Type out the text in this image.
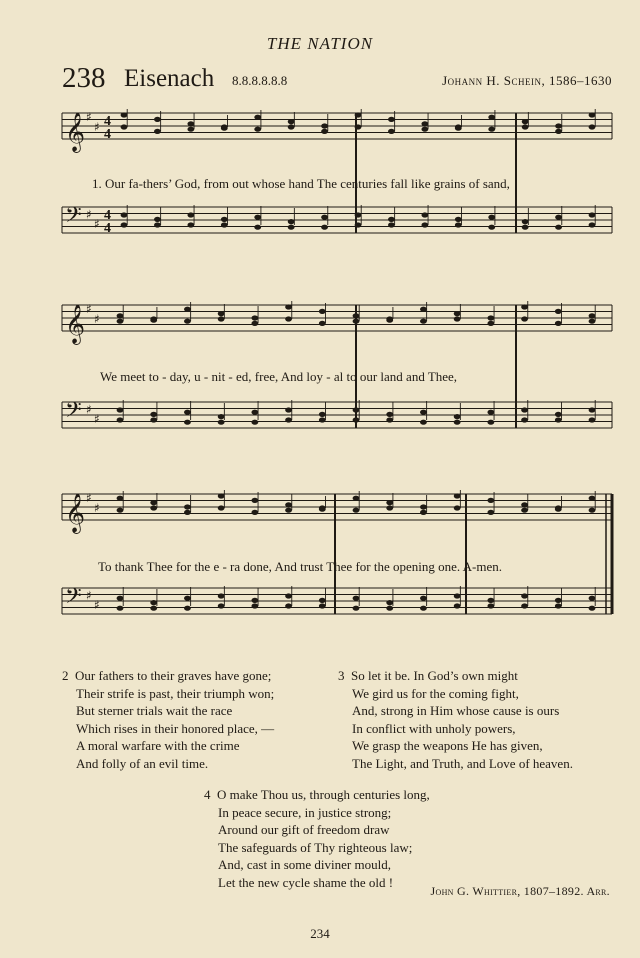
THE NATION
238 Eisenach 8.8.8.8.8.8	Johann H. Schein, 1586–1630
𝄞
𝄢
♯
♯
♯
♯
4
4
4
4
𝄞
𝄢
♯
♯
♯
♯
𝄞
𝄢
♯
♯
♯
♯
1. Our fa-thers’ God, from out whose hand The centuries fall like grains of sand,
We meet to - day, u - nit - ed, free, And loy - al to our land and Thee,
To thank Thee for the e - ra done, And trust Thee for the opening one. A-men.
2 Our fathers to their graves have gone;
Their strife is past, their triumph won;
But sterner trials wait the race
Which rises in their honored place, —
A moral warfare with the crime
And folly of an evil time.
3 So let it be. In God’s own might
We gird us for the coming fight,
And, strong in Him whose cause is ours
In conflict with unholy powers,
We grasp the weapons He has given,
The Light, and Truth, and Love of heaven.
4 O make Thou us, through centuries long,
In peace secure, in justice strong;
Around our gift of freedom draw
The safeguards of Thy righteous law;
And, cast in some diviner mould,
Let the new cycle shame the old !
John G. Whittier, 1807–1892. Arr.
234
